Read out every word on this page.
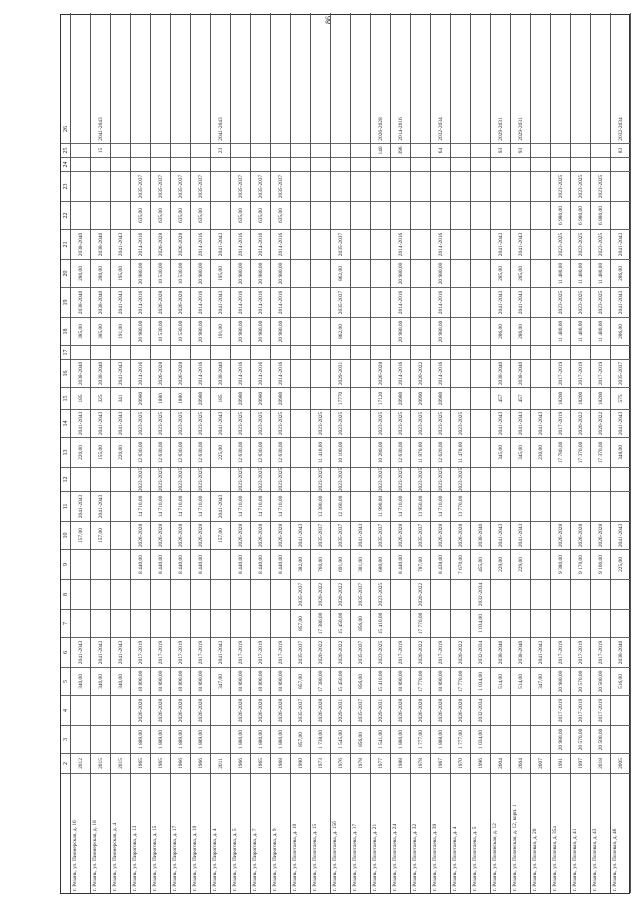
86
2
3
4
5
6
7
8
9
10
11
12
13
14
15
16
17
18
19
20
21
22
23
24
25
26
г. Рязань, ул. Пионерская, д. 16
2012
340,00
2041-2043
157,00
2041-2043
220,00
2041-2043
185
2038-2040
385,00
2038-2040
280,00
2038-2040
г. Рязань, ул. Пионерская, д. 18
2015
340,00
2041-2043
157,00
2041-2043
155,00
2041-2043
325
2038-2040
385,00
2038-2040
280,00
2038-2040
15
2041-2043
г. Рязань, ул. Пионерская, д. 4
2015
340,00
2041-2043
220,00
2041-2043
341
2041-2043
191,00
2041-2043
195,00
2041-2043
г. Рязань, ул. Пирогова, д. 13
1965
1 889,00
2026-2028
18 890,00
2017-2019
8 440,00
2026-2028
14 710,00
2023-2025
12 630,00
2023-2025
20980
2014-2016
20 980,00
2014-2016
20 980,00
2014-2016
635,00
2035-2037
г. Рязань, ул. Пирогова, д. 15
1965
1 889,00
2026-2028
18 890,00
2017-2019
8 440,00
2026-2028
14 710,00
2023-2025
12 630,00
2023-2025
1880
2026-2028
10 530,00
2026-2028
10 530,00
2026-2028
635,00
2035-2037
г. Рязань, ул. Пирогова, д. 17
1966
1 889,00
2026-2028
18 890,00
2017-2019
8 440,00
2026-2028
14 710,00
2023-2025
12 630,00
2023-2025
1880
2026-2028
10 530,00
2026-2028
10 530,00
2026-2028
635,00
2035-2037
г. Рязань, ул. Пирогова, д. 19
1966
1 889,00
2026-2028
18 890,00
2017-2019
8 440,00
2026-2028
14 710,00
2023-2025
12 630,00
2023-2025
20980
2014-2016
20 980,00
2014-2016
20 980,00
2014-2016
635,00
2035-2037
г. Рязань, ул. Пирогова, д. 4
2011
347,00
2041-2043
157,00
2041-2043
225,00
2041-2043
185
2038-2040
191,00
2041-2043
195,00
2041-2043
23
2041-2043
г. Рязань, ул. Пирогова, д. 5
1966
1 880,00
2026-2028
18 890,00
2017-2019
8 440,00
2026-2028
14 710,00
2023-2025
12 630,00
2023-2025
20980
2014-2016
20 980,00
2014-2016
20 980,00
2014-2016
635,00
2035-2037
г. Рязань, ул. Пирогова, д. 7
1965
1 880,00
2026-2028
18 890,00
2017-2019
8 440,00
2026-2028
14 710,00
2023-2025
12 630,00
2023-2025
20980
2014-2016
20 980,00
2014-2016
20 980,00
2014-2016
635,00
2035-2037
г. Рязань, ул. Пирогова, д. 9
1968
1 880,00
2026-2028
18 890,00
2017-2019
8 440,00
2026-2028
14 710,00
2023-2025
12 630,00
2023-2025
20980
2014-2016
20 980,00
2014-2016
20 980,00
2014-2016
635,00
2035-2037
г. Рязань, ул. Полетаева, д. 10
1990
857,00
2035-2037
857,00
2035-2037
857,00
2035-2037
382,00
2041-2043
г. Рязань, ул. Полетаева, д. 15
1973
1 738,00
2026-2028
17 380,00
2020-2022
17 380,00
2020-2022
760,00
2035-2037
13 380,00
2023-2025
11 410,00
2023-2025
г. Рязань, ул. Полетаева, д. 15б
1976
1 545,00
2029-2031
15 450,00
2020-2022
15 450,00
2020-2022
691,00
2035-2037
12 160,00
2023-2025
10 100,00
2023-2025
17770
2029-2031
862,00
2035-2037
862,00
2035-2037
г. Рязань, ул. Полетаева, д. 17
1978
856,00
2035-2037
856,00
2035-2037
856,00
2035-2037
381,00
2041-2043
г. Рязань, ул. Полетаева, д. 21
1977
1 541,00
2029-2031
15 410,00
2023-2025
15 410,00
2023-2025
680,00
2035-2037
11 990,00
2023-2025
10 280,00
2023-2025
17120
2026-2028
140
2026-2028
г. Рязань, ул. Полетаева, д. 24
1988
1 880,00
2026-2028
18 890,00
2017-2019
8 440,00
2026-2028
14 710,00
2023-2025
12 630,00
2023-2025
20980
2014-2016
20 980,00
2014-2016
20 980,00
2014-2016
396
2014-2016
г. Рязань, ул. Полетаева, д. 32
1978
1 777,00
2026-2028
17 770,00
2020-2022
17 770,00
2020-2022
787,00
2035-2037
13 950,00
2023-2025
11 870,00
2023-2025
20990
2020-2022
г. Рязань, ул. Полетаева, д. 39
1967
1 888,00
2026-2028
18 890,00
2017-2019
8 438,00
2026-2028
14 710,00
2023-2025
12 620,00
2023-2025
20980
2014-2016
20 980,00
2014-2016
20 980,00
2014-2016
64
2032-2034
г. Рязань, ул. Полетаева, д. 4
1970
1 777,00
2026-2028
17 770,00
2020-2022
7 670,00
2026-2028
13 770,00
2023-2025
11 470,00
2023-2025
г. Рязань, ул. Полетаева, д. 5
1996
1 034,00
2032-2034
1 034,00
2032-2034
1 034,00
2032-2034
455,00
2038-2040
г. Рязань, ул. Полянская, д. 12
2004
514,00
2038-2040
229,00
2041-2043
345,00
2041-2043
457
2038-2040
286,00
2041-2043
285,00
2041-2043
93
2029-2031
г. Рязань, ул. Полянская, д. 12, корп. 1
2004
514,00
2038-2040
229,00
2041-2043
345,00
2041-2043
457
2038-2040
286,00
2041-2043
285,00
2041-2043
93
2029-2031
г. Рязань, ул. Полевая, д. 20
2007
347,00
2041-2043
230,00
2041-2043
г. Рязань, ул. Полевая, д. 35а
1991
20 980,00
2017-2019
20 980,00
2017-2019
9 380,00
2026-2028
17 780,00
2017-2019
18200
2017-2019
11 480,00
2023-2025
11 480,00
2023-2025
6 980,00
2023-2025
г. Рязань, ул. Полевая, д. 41
1997
20 570,00
2017-2019
20 570,00
2017-2019
9 170,00
2026-2028
17 370,00
2020-2022
18200
2017-2019
11 480,00
2023-2025
11 480,00
2023-2025
6 980,00
2023-2025
г. Рязань, ул. Полевая, д. 43
2018
20 500,00
2017-2019
20 500,00
2017-2019
9 100,00
2026-2028
17 370,00
2020-2022
18200
2017-2019
11 480,00
2023-2025
11 480,00
2023-2025
6 880,00
2023-2025
г. Рязань, ул. Полевая, д. 46
2005
516,00
2038-2040
225,00
2041-2043
348,00
2041-2043
575
2035-2037
286,00
2041-2043
286,00
2041-2043
83
2032-2034
